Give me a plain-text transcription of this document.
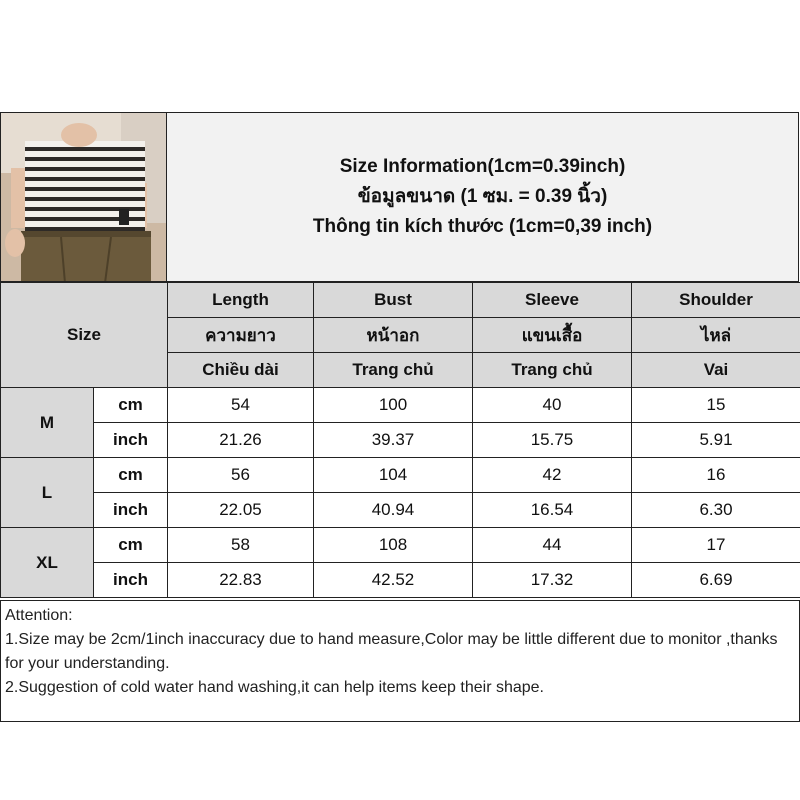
Size Information(1cm=0.39inch)
ข้อมูลขนาด (1 ซม. = 0.39 นิ้ว)
Thông tin kích thước (1cm=0,39 inch)
Size		Length	Bust	Sleeve	Shoulder
		ความยาว	หน้าอก	แขนเสื้อ	ไหล่
		Chiều dài	Trang chủ	Trang chủ	Vai
M	cm	54	100	40	15
	inch	21.26	39.37	15.75	5.91
L	cm	56	104	42	16
	inch	22.05	40.94	16.54	6.30
XL	cm	58	108	44	17
	inch	22.83	42.52	17.32	6.69

Attention:

1.Size may be 2cm/1inch inaccuracy due to hand measure,Color may be little different due to monitor ,thanks for your understanding.

2.Suggestion of cold water hand washing,it can help items keep their shape.
